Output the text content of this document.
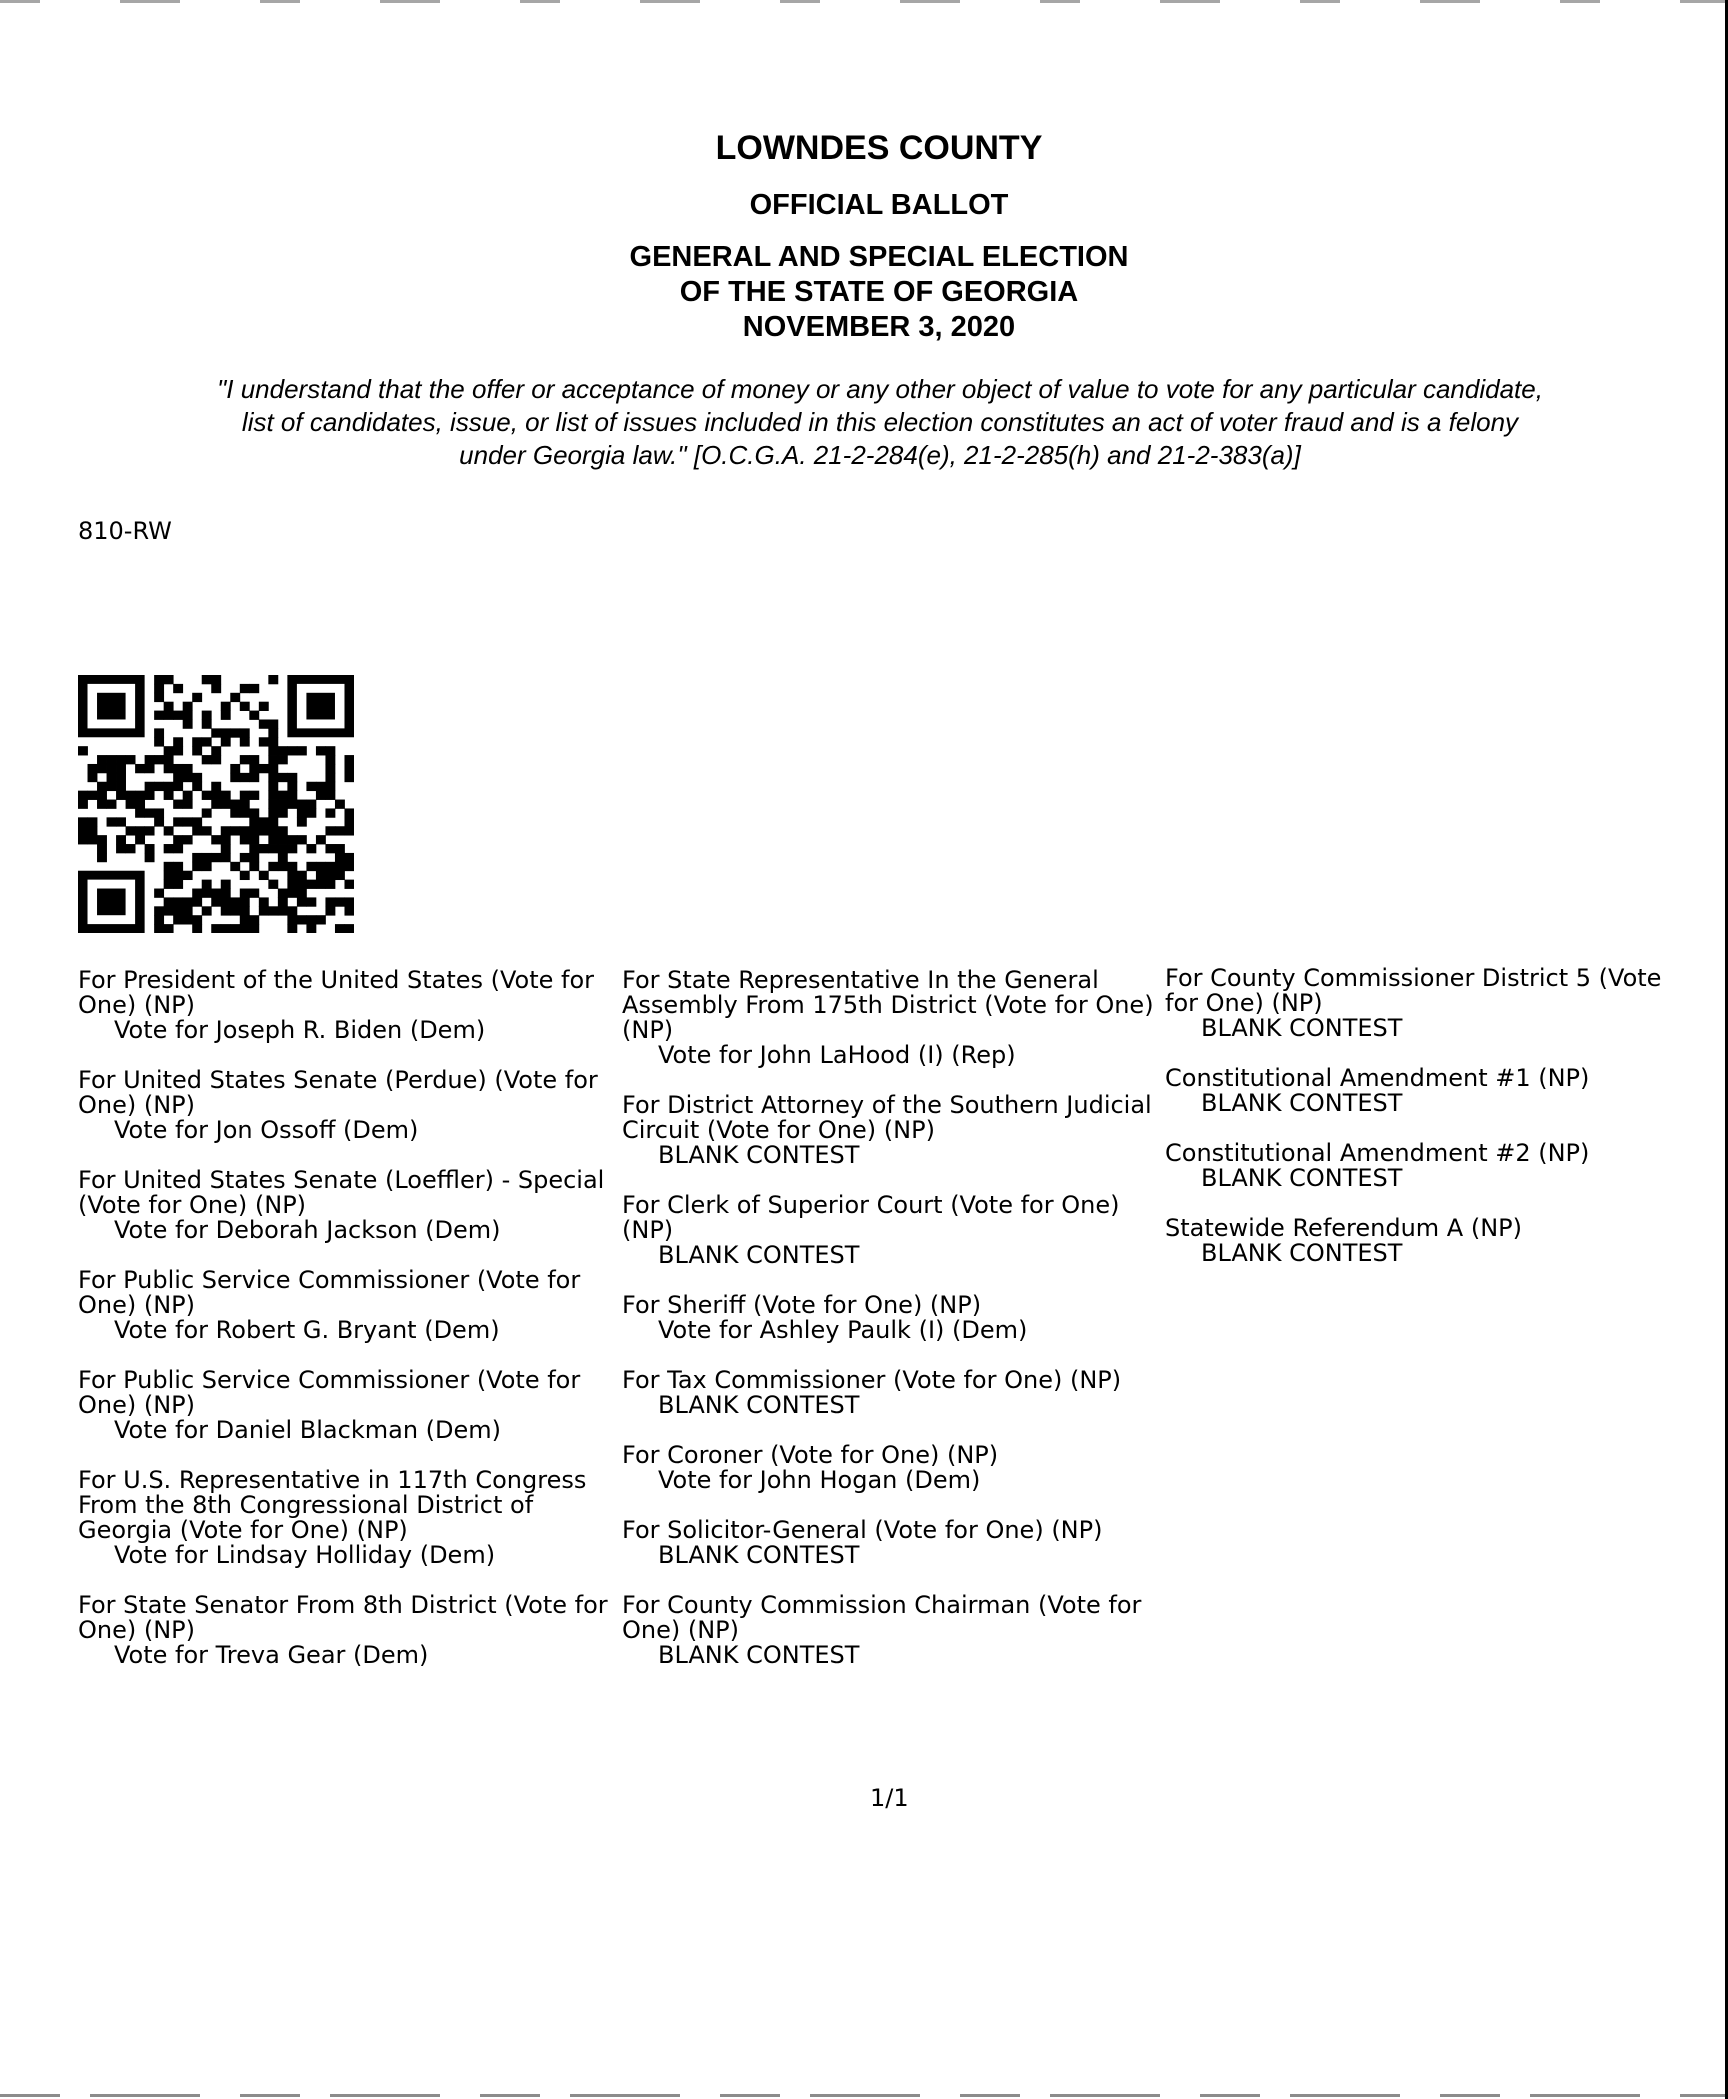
LOWNDES COUNTY
OFFICIAL BALLOT
GENERAL AND SPECIAL ELECTION
OF THE STATE OF GEORGIA
NOVEMBER 3, 2020
"I understand that the offer or acceptance of money or any other object of value to vote for any particular candidate,
list of candidates, issue, or list of issues included in this election constitutes an act of voter fraud and is a felony
under Georgia law." [O.C.G.A. 21-2-284(e), 21-2-285(h) and 21-2-383(a)]
810-RW
For President of the United States (Vote for One) (NP)
Vote for Joseph R. Biden (Dem)
For United States Senate (Perdue) (Vote for One) (NP)
Vote for Jon Ossoff (Dem)
For United States Senate (Loeffler) - Special (Vote for One) (NP)
Vote for Deborah Jackson (Dem)
For Public Service Commissioner (Vote for One) (NP)
Vote for Robert G. Bryant (Dem)
For Public Service Commissioner (Vote for One) (NP)
Vote for Daniel Blackman (Dem)
For U.S. Representative in 117th Congress From the 8th Congressional District of Georgia (Vote for One) (NP)
Vote for Lindsay Holliday (Dem)
For State Senator From 8th District (Vote for One) (NP)
Vote for Treva Gear (Dem)
For State Representative In the General Assembly From 175th District (Vote for One) (NP)
Vote for John LaHood (I) (Rep)
For District Attorney of the Southern Judicial Circuit (Vote for One) (NP)
BLANK CONTEST
For Clerk of Superior Court (Vote for One) (NP)
BLANK CONTEST
For Sheriff (Vote for One) (NP)
Vote for Ashley Paulk (I) (Dem)
For Tax Commissioner (Vote for One) (NP)
BLANK CONTEST
For Coroner (Vote for One) (NP)
Vote for John Hogan (Dem)
For Solicitor-General (Vote for One) (NP)
BLANK CONTEST
For County Commission Chairman (Vote for One) (NP)
BLANK CONTEST
For County Commissioner District 5 (Vote for One) (NP)
BLANK CONTEST
Constitutional Amendment #1 (NP)
BLANK CONTEST
Constitutional Amendment #2 (NP)
BLANK CONTEST
Statewide Referendum A (NP)
BLANK CONTEST
1/1
